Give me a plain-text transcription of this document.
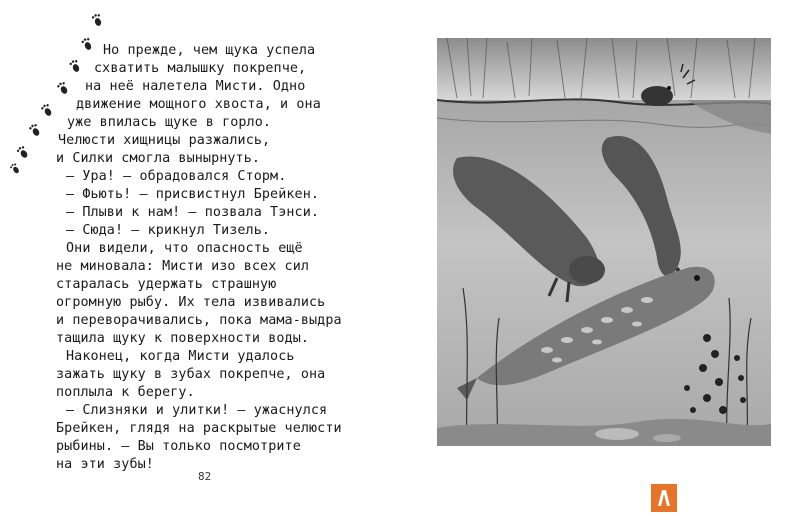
Но прежде, чем щука успела
схватить малышку покрепче,
на неё налетела Мисти. Одно
движение мощного хвоста, и она
уже впилась щуке в горло.
Челюсти хищницы разжались,
и Силки смогла вынырнуть.
— Ура! — обрадовался Сторм.
— Фьють! — присвистнул Брейкен.
— Плыви к нам! — позвала Тэнси.
— Сюда! — крикнул Тизель.
Они видели, что опасность ещё
не миновала: Мисти изо всех сил
старалась удержать страшную
огромную рыбу. Их тела извивались
и переворачивались, пока мама-выдра
тащила щуку к поверхности воды.
Наконец, когда Мисти удалось
зажать щуку в зубах покрепче, она
поплыла к берегу.
— Слизняки и улитки! — ужаснулся
Брейкен, глядя на раскрытые челюсти
рыбины. — Вы только посмотрите
на эти зубы!
82
